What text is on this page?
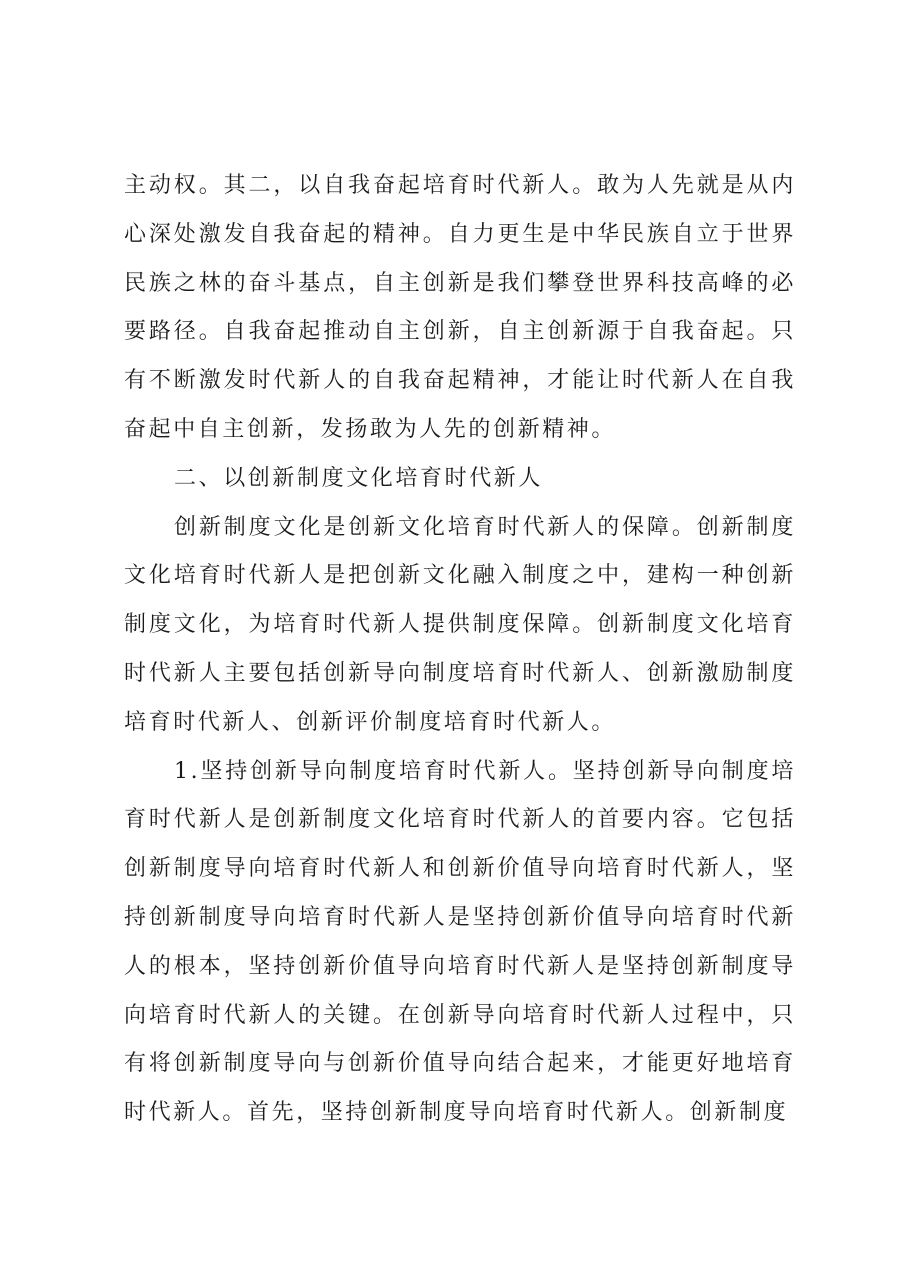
主动权。其二，以自我奋起培育时代新人。敢为人先就是从内心深处激发自我奋起的精神。自力更生是中华民族自立于世界民族之林的奋斗基点，自主创新是我们攀登世界科技高峰的必要路径。自我奋起推动自主创新，自主创新源于自我奋起。只有不断激发时代新人的自我奋起精神，才能让时代新人在自我奋起中自主创新，发扬敢为人先的创新精神。

二、以创新制度文化培育时代新人

创新制度文化是创新文化培育时代新人的保障。创新制度文化培育时代新人是把创新文化融入制度之中，建构一种创新制度文化，为培育时代新人提供制度保障。创新制度文化培育时代新人主要包括创新导向制度培育时代新人、创新激励制度培育时代新人、创新评价制度培育时代新人。

1.坚持创新导向制度培育时代新人。坚持创新导向制度培育时代新人是创新制度文化培育时代新人的首要内容。它包括创新制度导向培育时代新人和创新价值导向培育时代新人，坚持创新制度导向培育时代新人是坚持创新价值导向培育时代新人的根本，坚持创新价值导向培育时代新人是坚持创新制度导向培育时代新人的关键。在创新导向培育时代新人过程中，只有将创新制度导向与创新价值导向结合起来，才能更好地培育时代新人。首先，坚持创新制度导向培育时代新人。创新制度
